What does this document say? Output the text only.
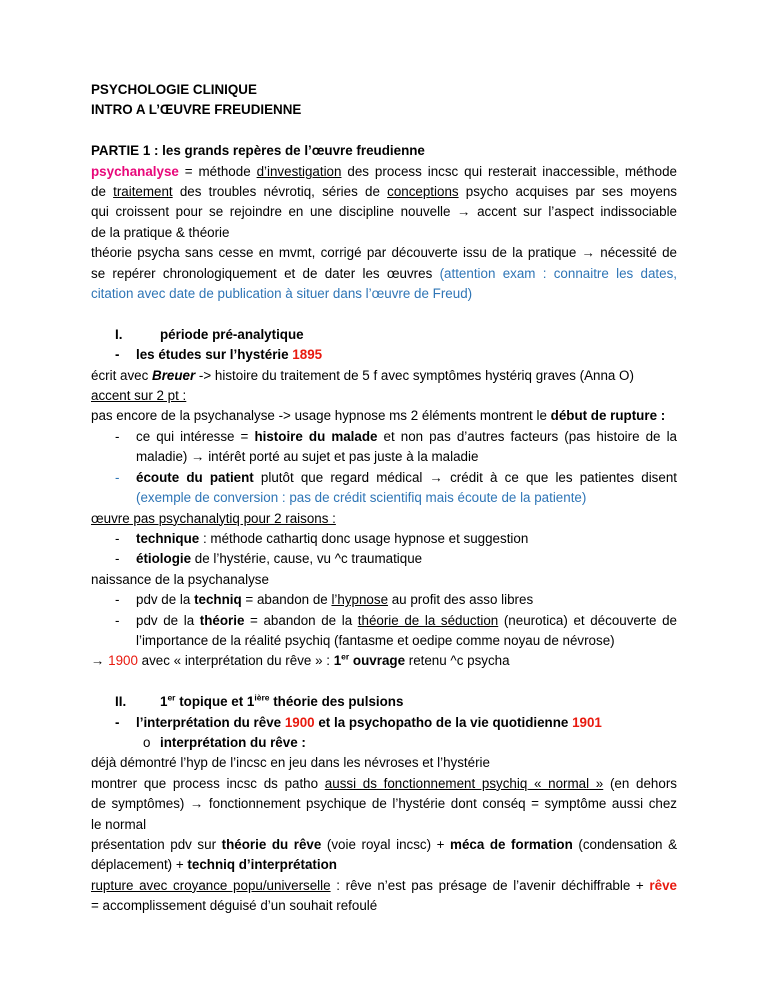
PSYCHOLOGIE CLINIQUE
INTRO A L’ŒUVRE FREUDIENNE
PARTIE 1 : les grands repères de l’œuvre freudienne
psychanalyse = méthode d’investigation des process incsc qui resterait inaccessible, méthode
de traitement des troubles névrotiq, séries de conceptions psycho acquises par ses moyens
qui croissent pour se rejoindre en une discipline nouvelle → accent sur l’aspect indissociable
de la pratique & théorie
théorie psycha sans cesse en mvmt, corrigé par découverte issu de la pratique → nécessité de
se repérer chronologiquement et de dater les œuvres (attention exam : connaitre les dates,
citation avec date de publication à situer dans l’œuvre de Freud)
I.	période pré-analytique
- les études sur l’hystérie 1895
écrit avec Breuer -> histoire du traitement de 5 f avec symptômes hystériq graves (Anna O)
accent sur 2 pt :
pas encore de la psychanalyse -> usage hypnose ms 2 éléments montrent le début de rupture :
- ce qui intéresse = histoire du malade et non pas d’autres facteurs (pas histoire de la
maladie) → intérêt porté au sujet et pas juste à la maladie
- écoute du patient plutôt que regard médical → crédit à ce que les patientes disent
(exemple de conversion : pas de crédit scientifiq mais écoute de la patiente)
œuvre pas psychanalytiq pour 2 raisons :
- technique : méthode cathartiq donc usage hypnose et suggestion
- étiologie de l’hystérie, cause, vu ^c traumatique
naissance de la psychanalyse
- pdv de la techniq = abandon de l’hypnose au profit des asso libres
- pdv de la théorie = abandon de la théorie de la séduction (neurotica) et découverte de
l’importance de la réalité psychiq (fantasme et oedipe comme noyau de névrose)
→ 1900 avec « interprétation du rêve » : 1er ouvrage retenu ^c psycha
II.	1er topique et $1^{ière}$ théorie des pulsions
- l’interprétation du rêve 1900 et la psychopatho de la vie quotidienne 1901
o interprétation du rêve :
déjà démontré l’hyp de l’incsc en jeu dans les névroses et l’hystérie
montrer que process incsc ds patho aussi ds fonctionnement psychiq « normal » (en dehors
de symptômes) → fonctionnement psychique de l’hystérie dont conséq = symptôme aussi chez
le normal
présentation pdv sur théorie du rêve (voie royal incsc) + méca de formation (condensation &
déplacement) + techniq d’interprétation
rupture avec croyance popu/universelle : rêve n’est pas présage de l’avenir déchiffrable + rêve
= accomplissement déguisé d’un souhait refoulé
